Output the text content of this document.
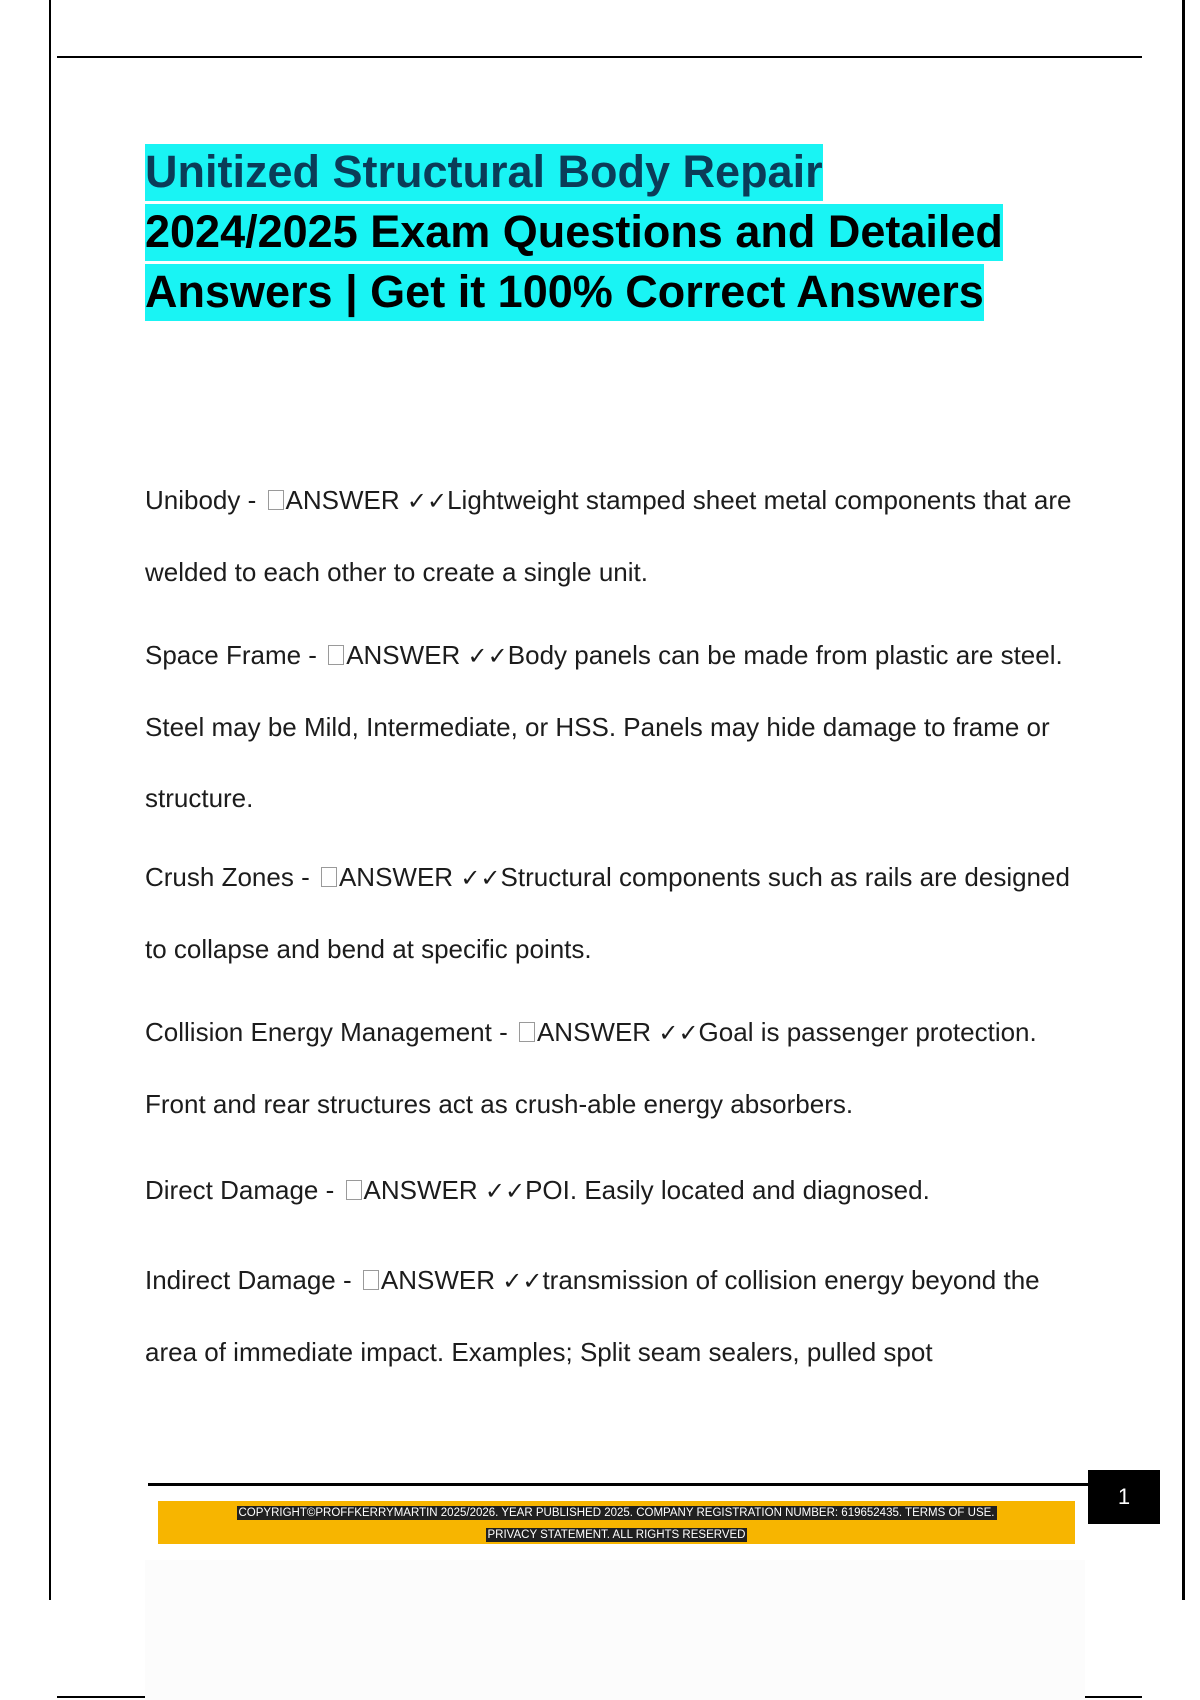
Unitized Structural Body Repair
2024/2025 Exam Questions and Detailed
Answers | Get it 100% Correct Answers

Unibody - ANSWER ✓✓Lightweight stamped sheet metal components that are welded to each other to create a single unit.

Space Frame - ANSWER ✓✓Body panels can be made from plastic are steel. Steel may be Mild, Intermediate, or HSS. Panels may hide damage to frame or structure.

Crush Zones - ANSWER ✓✓Structural components such as rails are designed to collapse and bend at specific points.

Collision Energy Management - ANSWER ✓✓Goal is passenger protection. Front and rear structures act as crush-able energy absorbers.

Direct Damage - ANSWER ✓✓POI. Easily located and diagnosed.

Indirect Damage - ANSWER ✓✓transmission of collision energy beyond the area of immediate impact. Examples; Split seam sealers, pulled spot

1
COPYRIGHT©PROFFKERRYMARTIN 2025/2026. YEAR PUBLISHED 2025. COMPANY REGISTRATION NUMBER: 619652435. TERMS OF USE.
PRIVACY STATEMENT. ALL RIGHTS RESERVED
